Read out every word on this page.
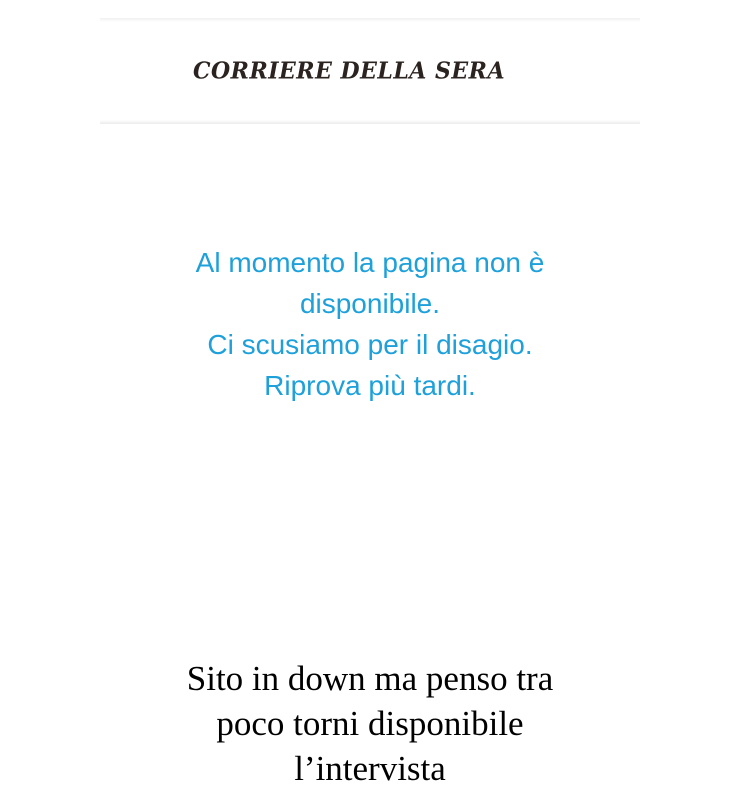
CORRIERE DELLA SERA
Al momento la pagina non è
disponibile.
Ci scusiamo per il disagio.
Riprova più tardi.
Sito in down ma penso tra
poco torni disponibile
l’intervista
